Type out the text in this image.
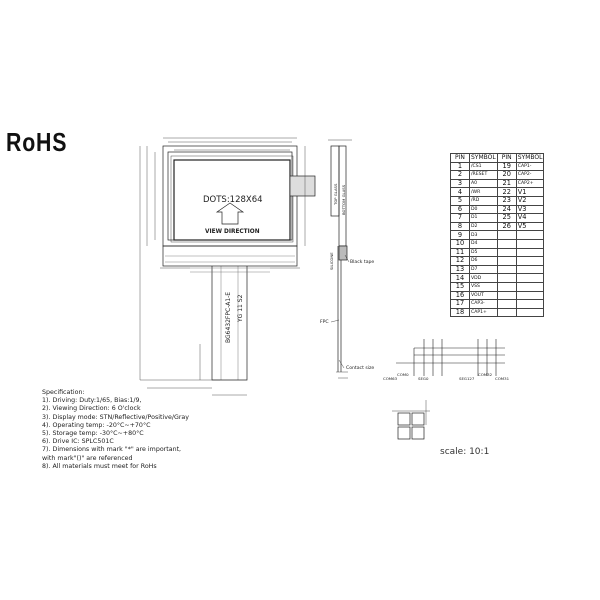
RoHS
DOTS:128X64
VIEW DIRECTION
BG6432FPC-A1-E YG 11 S2
TOP GLASS BOTTOM GLASS
SILICONE	Black tape
FPC
Contact size
COM63
COM0
SEG0	SEG127
COM32
COM31
PIN	SYMBOL	PIN	SYMBOL
1	/CS1	19	CAP1-
2	/RESET	20	CAP2-
3	A0	21	CAP2+
4	/WR	22	V1
5	/RD	23	V2
6	D0	24	V3
7	D1	25	V4
8	D2	26	V5
9	D3		
10	D4		
11	D5		
12	D6		
13	D7		
14	VDD		
15	VSS		
16	VOUT		
17	CAP3-		
18	CAP1+		
Specification:
1). Driving: Duty:1/65, Bias:1/9,
2). Viewing Direction: 6 O'clock
3). Display mode: STN/Reflective/Positive/Gray
4). Operating temp: -20°C~+70°C
5). Storage temp: -30°C~+80°C
6). Drive IC: SPLC501C
7). Dimensions with mark "*" are important,
with mark"()" are referenced
8). All materials must meet for RoHs
scale: 10:1
